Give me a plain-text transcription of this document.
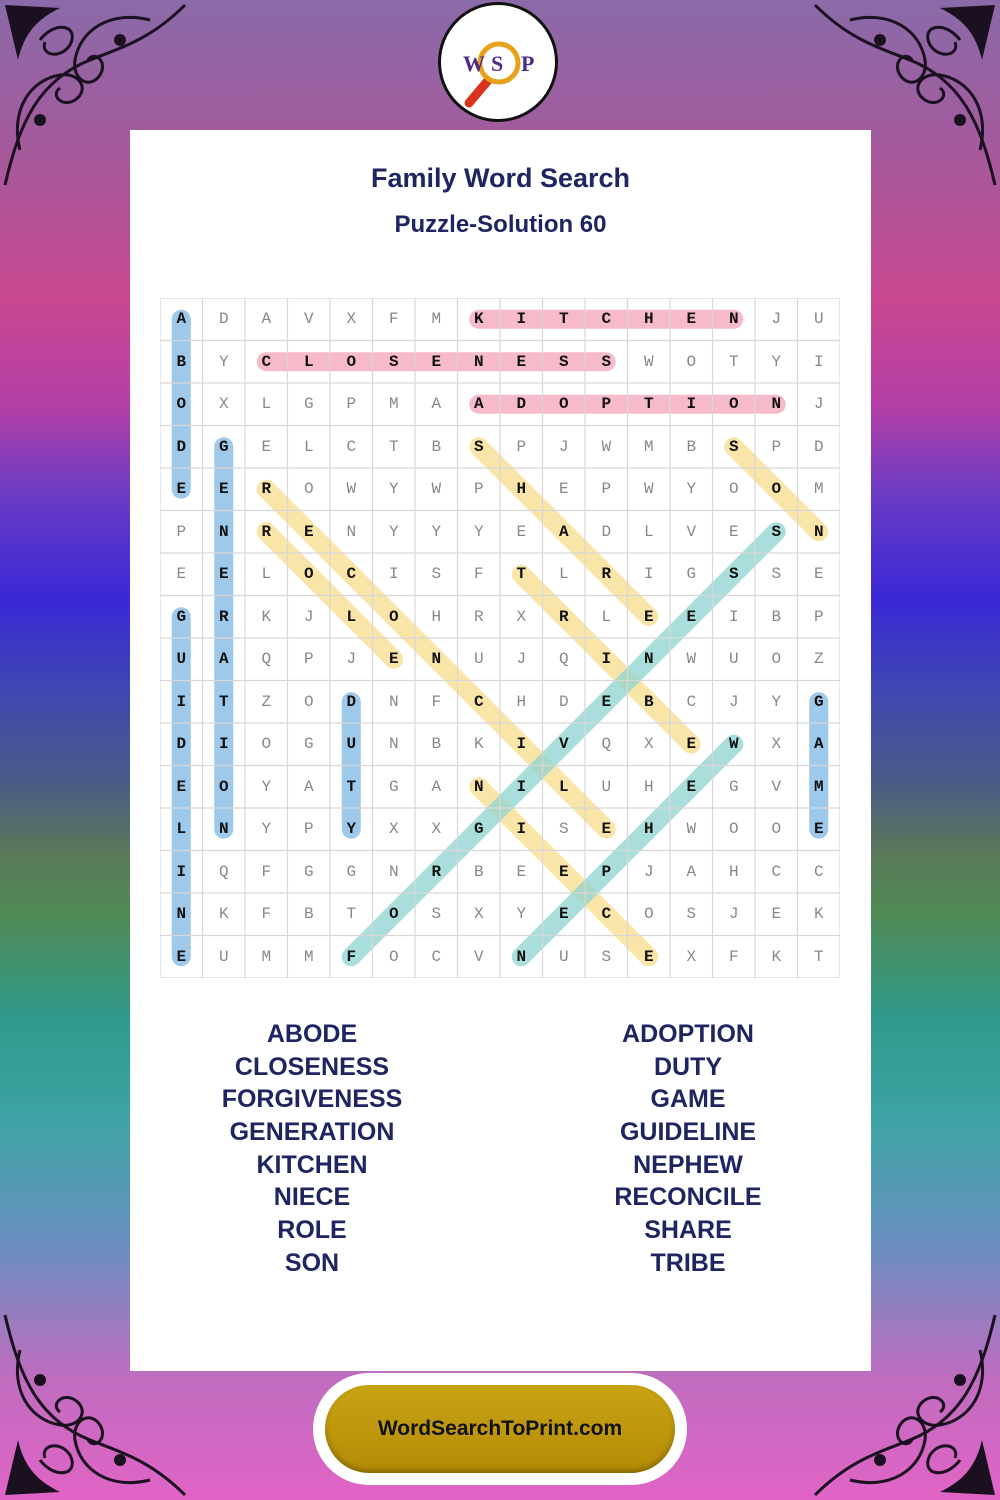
W S P
Family Word Search
Puzzle-Solution 60
A	D	A	V	X	F	M	K	I	T	C	H	E	N	J	U
B	Y	C	L	O	S	E	N	E	S	S	W	O	T	Y	I
O	X	L	G	P	M	A	A	D	O	P	T	I	O	N	J
D	G	E	L	C	T	B	S	P	J	W	M	B	S	P	D
E	E	R	O	W	Y	W	P	H	E	P	W	Y	O	O	M
P	N	R	E	N	Y	Y	Y	E	A	D	L	V	E	S	N
E	E	L	O	C	I	S	F	T	L	R	I	G	S	S	E
G	R	K	J	L	O	H	R	X	R	L	E	E	I	B	P
U	A	Q	P	J	E	N	U	J	Q	I	N	W	U	O	Z
I	T	Z	O	D	N	F	C	H	D	E	B	C	J	Y	G
D	I	O	G	U	N	B	K	I	V	Q	X	E	W	X	A
E	O	Y	A	T	G	A	N	I	L	U	H	E	G	V	M
L	N	Y	P	Y	X	X	G	I	S	E	H	W	O	O	E
I	Q	F	G	G	N	R	B	E	E	P	J	A	H	C	C
N	K	F	B	T	O	S	X	Y	E	C	O	S	J	E	K
E	U	M	M	F	O	C	V	N	U	S	E	X	F	K	T
ABODE
CLOSENESS
FORGIVENESS
GENERATION
KITCHEN
NIECE
ROLE
SON
ADOPTION
DUTY
GAME
GUIDELINE
NEPHEW
RECONCILE
SHARE
TRIBE
WordSearchToPrint.com
